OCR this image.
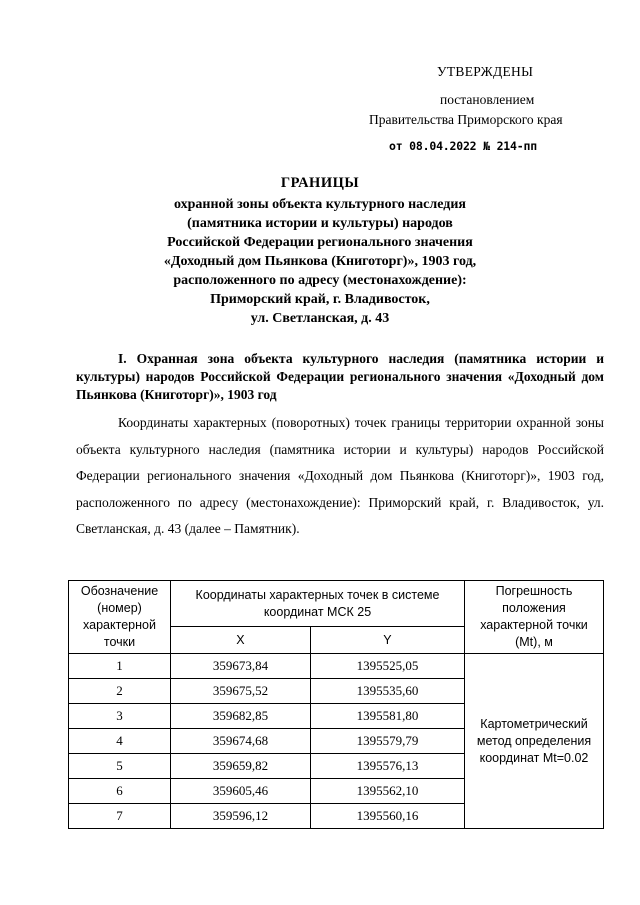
УТВЕРЖДЕНЫ
постановлением
Правительства Приморского края
от 08.04.2022 № 214-пп
ГРАНИЦЫ
охранной зоны объекта культурного наследия
(памятника истории и культуры) народов
Российской Федерации регионального значения
«Доходный дом Пьянкова (Книготорг)», 1903 год,
расположенного по адресу (местонахождение):
Приморский край, г. Владивосток,
ул. Светланская, д. 43
I. Охранная зона объекта культурного наследия (памятника истории и культуры) народов Российской Федерации регионального значения «Доходный дом Пьянкова (Книготорг)», 1903 год
Координаты характерных (поворотных) точек границы территории охранной зоны объекта культурного наследия (памятника истории и культуры) народов Российской Федерации регионального значения «Доходный дом Пьянкова (Книготорг)», 1903 год, расположенного по адресу (местонахождение): Приморский край, г. Владивосток, ул. Светланская, д. 43 (далее – Памятник).
Обозначение (номер) характерной точки	Координаты характерных точек в системе координат МСК 25		Погрешность положения характерной точки (Mt), м
	X	Y	
1	359673,84	1395525,05	Картометрический метод определения координат Mt=0.02
2	359675,52	1395535,60	
3	359682,85	1395581,80	
4	359674,68	1395579,79	
5	359659,82	1395576,13	
6	359605,46	1395562,10	
7	359596,12	1395560,16	
